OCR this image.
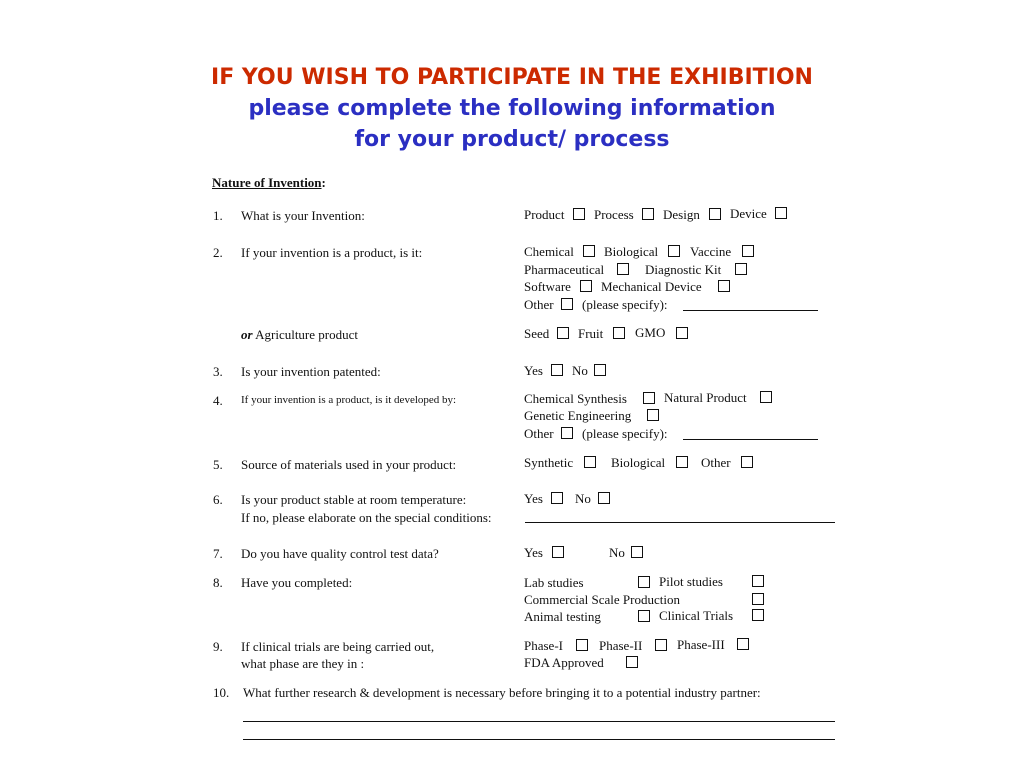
IF YOU WISH TO PARTICIPATE IN THE EXHIBITION
please complete the following information
for your product/ process
Nature of Invention:
1. What is your Invention:	Product Process Design Device
2. If your invention is a product, is it:	Chemical Biological Vaccine
Pharmaceutical	Diagnostic Kit
Software Mechanical Device
Other (please specify):
or Agriculture product	Seed Fruit GMO
3. Is your invention patented:	Yes No
4. If your invention is a product, is it developed by:	Chemical Synthesis	Natural Product
Genetic Engineering
Other (please specify):
5. Source of materials used in your product:	Synthetic	Biological	Other
6. Is your product stable at room temperature:	Yes No
If no, please elaborate on the special conditions:
7. Do you have quality control test data?	Yes	No
8. Have you completed:	Lab studies	Pilot studies
Commercial Scale Production
Animal testing	Clinical Trials
9. If clinical trials are being carried out,
what phase are they in :
Phase-I	Phase-II	Phase-III
FDA Approved
10. What further research & development is necessary before bringing it to a potential industry partner:
